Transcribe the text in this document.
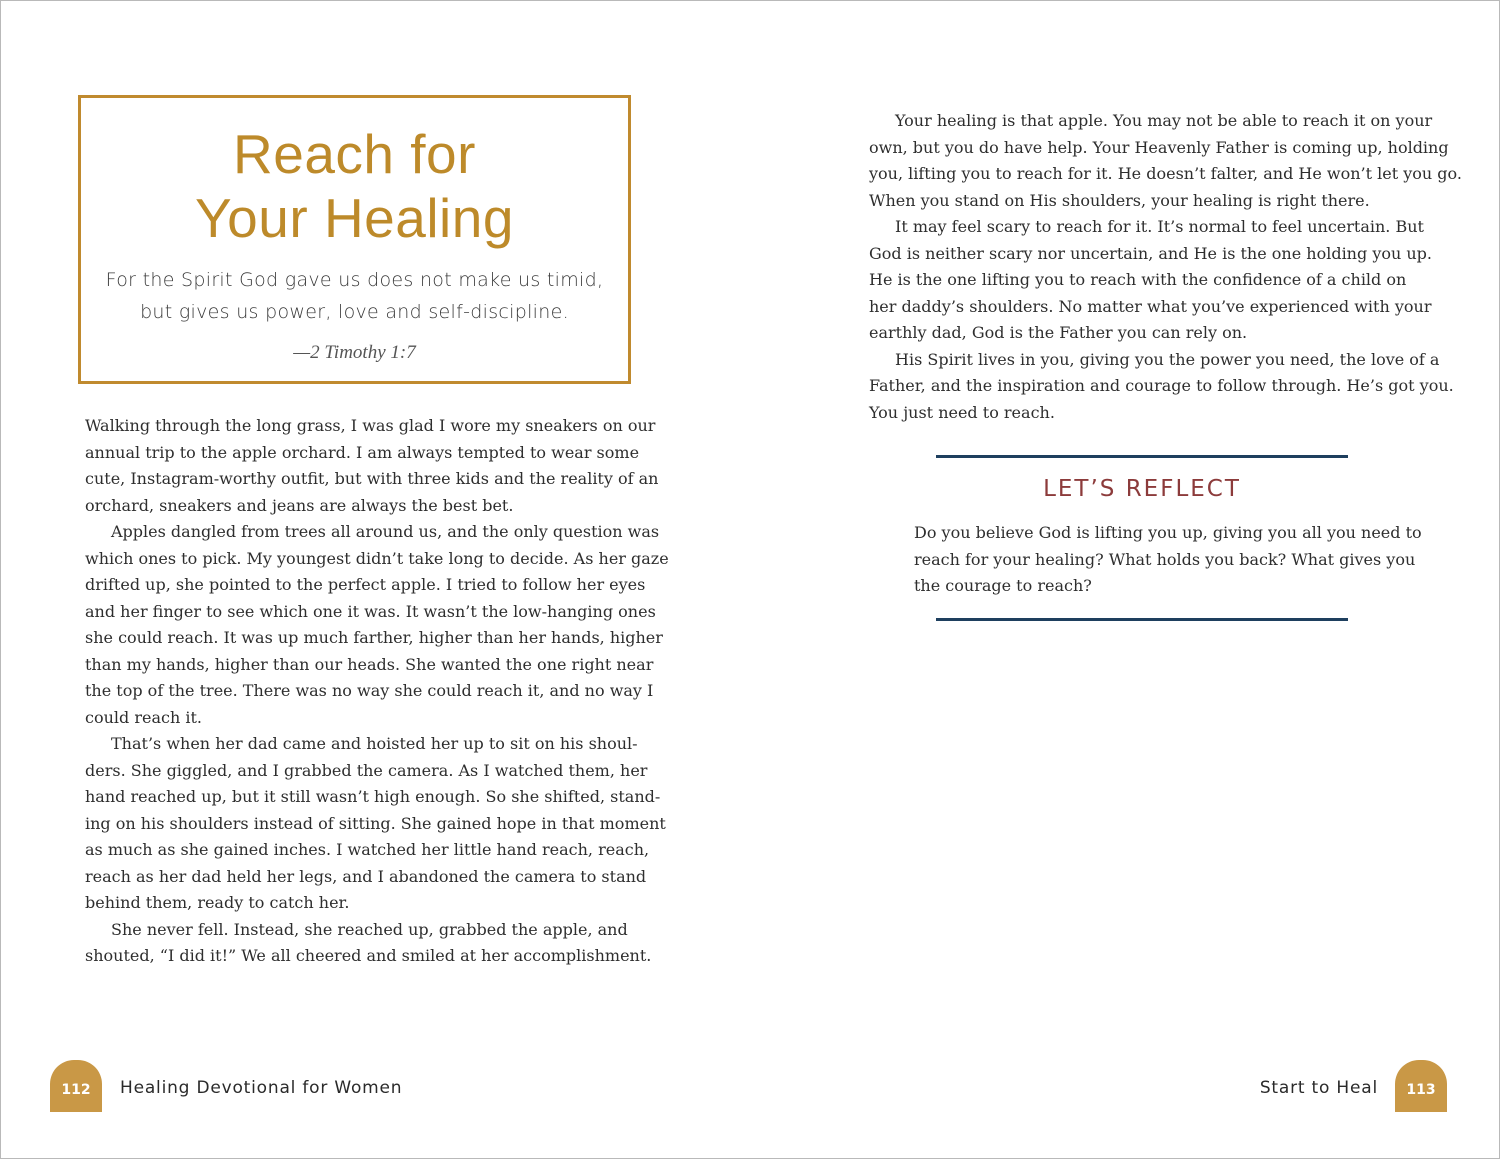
Reach for
Your Healing
For the Spirit God gave us does not make us timid,
but gives us power, love and self-discipline.
—2 Timothy 1:7

Walking through the long grass, I was glad I wore my sneakers on our
annual trip to the apple orchard. I am always tempted to wear some
cute, Instagram-worthy outfit, but with three kids and the reality of an
orchard, sneakers and jeans are always the best bet.

Apples dangled from trees all around us, and the only question was
which ones to pick. My youngest didn’t take long to decide. As her gaze
drifted up, she pointed to the perfect apple. I tried to follow her eyes
and her finger to see which one it was. It wasn’t the low-hanging ones
she could reach. It was up much farther, higher than her hands, higher
than my hands, higher than our heads. She wanted the one right near
the top of the tree. There was no way she could reach it, and no way I
could reach it.

That’s when her dad came and hoisted her up to sit on his shoul-
ders. She giggled, and I grabbed the camera. As I watched them, her
hand reached up, but it still wasn’t high enough. So she shifted, stand-
ing on his shoulders instead of sitting. She gained hope in that moment
as much as she gained inches. I watched her little hand reach, reach,
reach as her dad held her legs, and I abandoned the camera to stand
behind them, ready to catch her.

She never fell. Instead, she reached up, grabbed the apple, and
shouted, “I did it!” We all cheered and smiled at her accomplishment.

Your healing is that apple. You may not be able to reach it on your
own, but you do have help. Your Heavenly Father is coming up, holding
you, lifting you to reach for it. He doesn’t falter, and He won’t let you go.
When you stand on His shoulders, your healing is right there.

It may feel scary to reach for it. It’s normal to feel uncertain. But
God is neither scary nor uncertain, and He is the one holding you up.
He is the one lifting you to reach with the confidence of a child on
her daddy’s shoulders. No matter what you’ve experienced with your
earthly dad, God is the Father you can rely on.

His Spirit lives in you, giving you the power you need, the love of a
Father, and the inspiration and courage to follow through. He’s got you.
You just need to reach.

LET’S REFLECT
Do you believe God is lifting you up, giving you all you need to
reach for your healing? What holds you back? What gives you
the courage to reach?
112	Healing Devotional for Women	Start to Heal	113
